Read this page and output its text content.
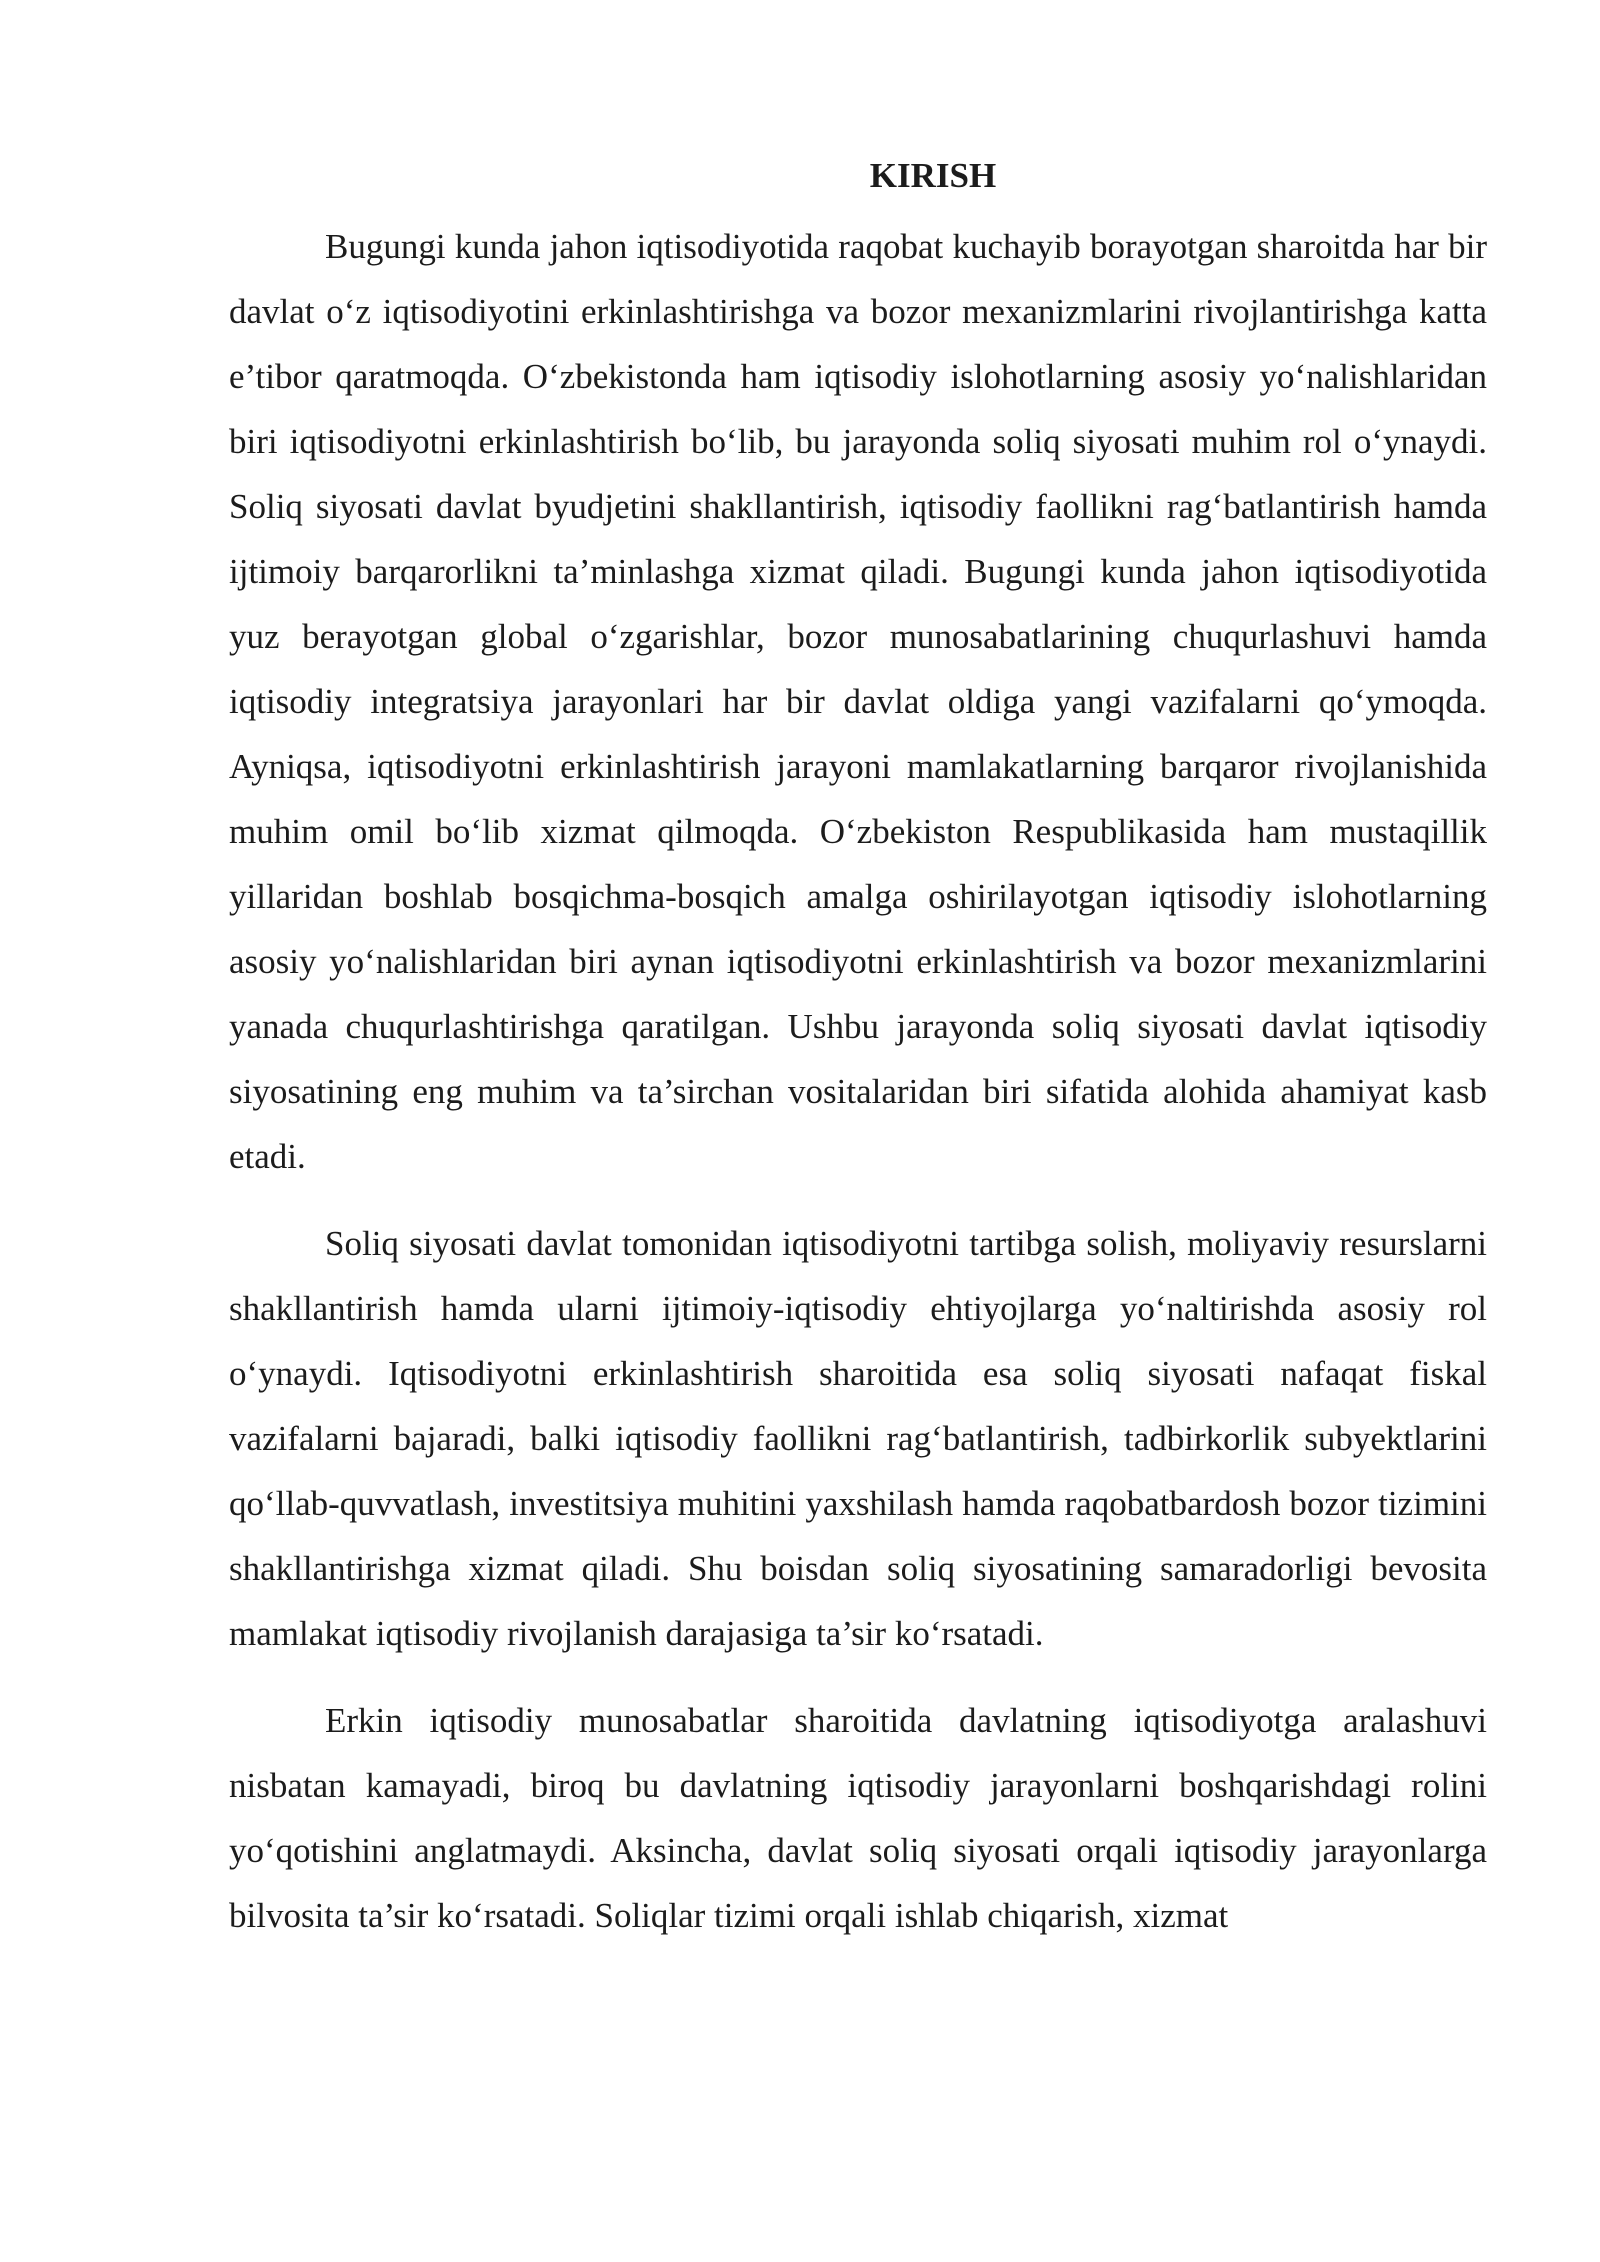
KIRISH

Bugungi kunda jahon iqtisodiyotida raqobat kuchayib borayotgan sharoitda har bir davlat o‘z iqtisodiyotini erkinlashtirishga va bozor mexanizmlarini rivojlantirishga katta e’tibor qaratmoqda. O‘zbekistonda ham iqtisodiy islohotlarning asosiy yo‘nalishlaridan biri iqtisodiyotni erkinlashtirish bo‘lib, bu jarayonda soliq siyosati muhim rol o‘ynaydi. Soliq siyosati davlat byudjetini shakllantirish, iqtisodiy faollikni rag‘batlantirish hamda ijtimoiy barqarorlikni ta’minlashga xizmat qiladi. Bugungi kunda jahon iqtisodiyotida yuz berayotgan global o‘zgarishlar, bozor munosabatlarining chuqurlashuvi hamda iqtisodiy integratsiya jarayonlari har bir davlat oldiga yangi vazifalarni qo‘ymoqda. Ayniqsa, iqtisodiyotni erkinlashtirish jarayoni mamlakatlarning barqaror rivojlanishida muhim omil bo‘lib xizmat qilmoqda. O‘zbekiston Respublikasida ham mustaqillik yillaridan boshlab bosqichma-bosqich amalga oshirilayotgan iqtisodiy islohotlarning asosiy yo‘nalishlaridan biri aynan iqtisodiyotni erkinlashtirish va bozor mexanizmlarini yanada chuqurlashtirishga qaratilgan. Ushbu jarayonda soliq siyosati davlat iqtisodiy siyosatining eng muhim va ta’sirchan vositalaridan biri sifatida alohida ahamiyat kasb etadi.

Soliq siyosati davlat tomonidan iqtisodiyotni tartibga solish, moliyaviy resurslarni shakllantirish hamda ularni ijtimoiy-iqtisodiy ehtiyojlarga yo‘naltirishda asosiy rol o‘ynaydi. Iqtisodiyotni erkinlashtirish sharoitida esa soliq siyosati nafaqat fiskal vazifalarni bajaradi, balki iqtisodiy faollikni rag‘batlantirish, tadbirkorlik subyektlarini qo‘llab-quvvatlash, investitsiya muhitini yaxshilash hamda raqobatbardosh bozor tizimini shakllantirishga xizmat qiladi. Shu boisdan soliq siyosatining samaradorligi bevosita mamlakat iqtisodiy rivojlanish darajasiga ta’sir ko‘rsatadi.

Erkin iqtisodiy munosabatlar sharoitida davlatning iqtisodiyotga aralashuvi nisbatan kamayadi, biroq bu davlatning iqtisodiy jarayonlarni boshqarishdagi rolini yo‘qotishini anglatmaydi. Aksincha, davlat soliq siyosati orqali iqtisodiy jarayonlarga bilvosita ta’sir ko‘rsatadi. Soliqlar tizimi orqali ishlab chiqarish, xizmat
